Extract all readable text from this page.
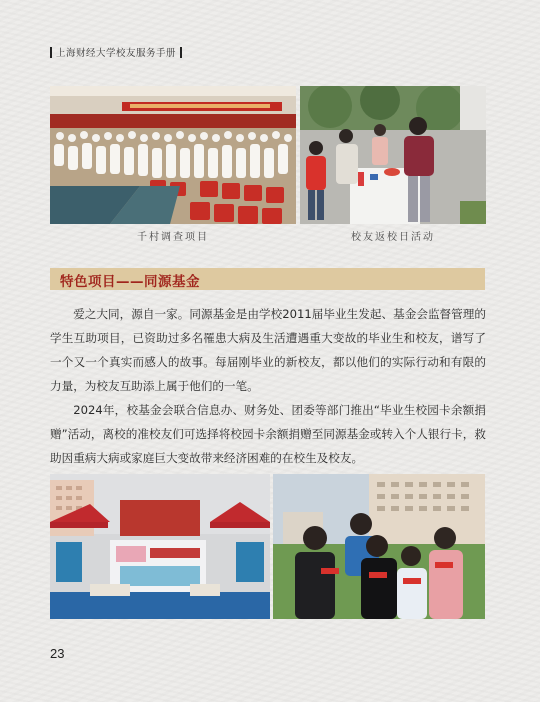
上海财经大学校友服务手册
千村调查项目	校友返校日活动
特色项目——同源基金

爱之大同，源自一家。同源基金是由学校2011届毕业生发起、基金会监督管理的学生互助项目，已资助过多名罹患大病及生活遭遇重大变故的毕业生和校友，谱写了一个又一个真实而感人的故事。每届刚毕业的新校友，都以他们的实际行动和有限的力量，为校友互助添上属于他们的一笔。

2024年，校基金会联合信息办、财务处、团委等部门推出“毕业生校园卡余额捐赠”活动，离校的准校友们可选择将校园卡余额捐赠至同源基金或转入个人银行卡，救助因重病大病或家庭巨大变故带来经济困难的在校生及校友。

23
